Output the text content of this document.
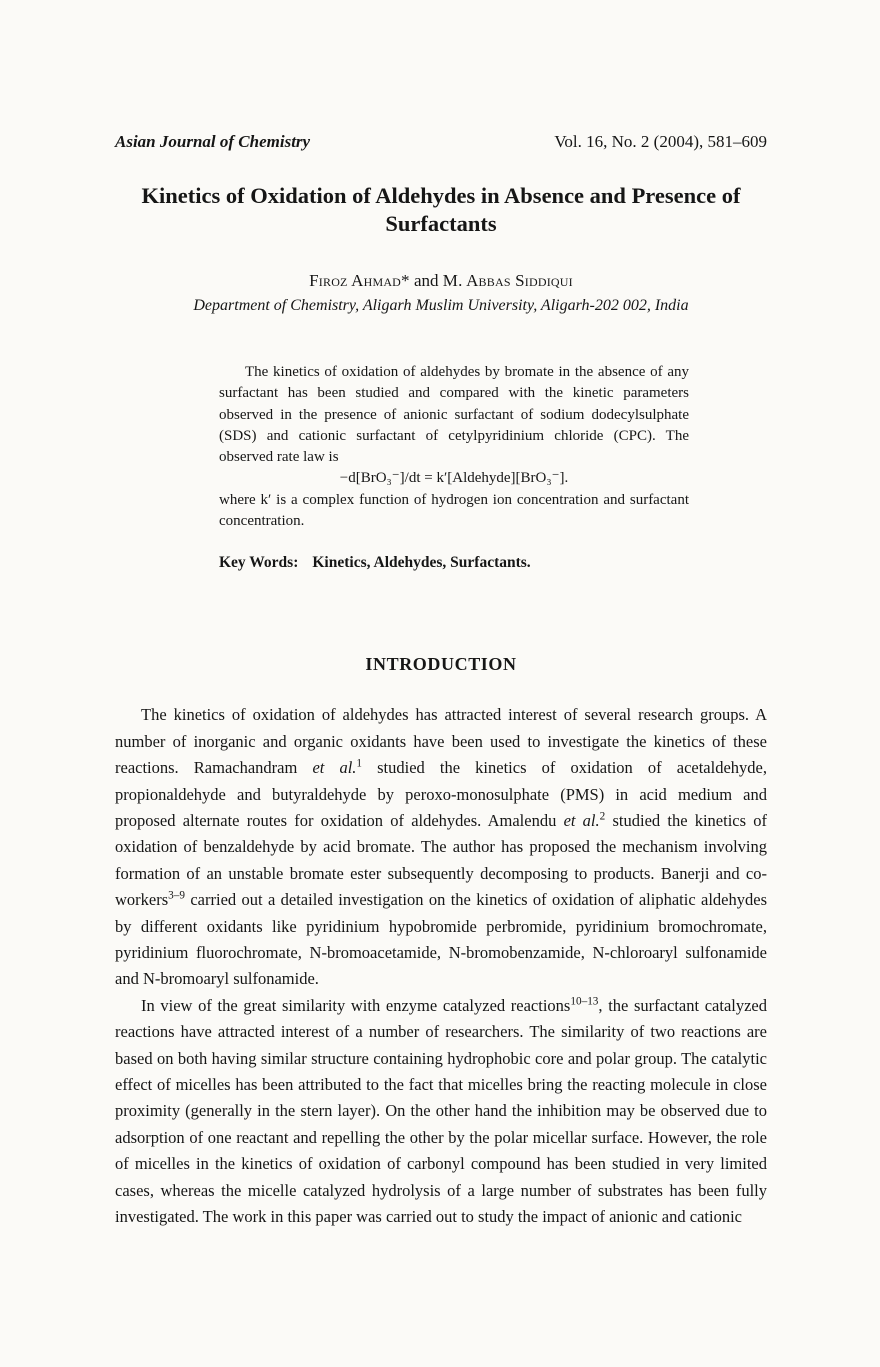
Asian Journal of Chemistry	Vol. 16, No. 2 (2004), 581–609
Kinetics of Oxidation of Aldehydes in Absence and Presence of Surfactants
Firoz Ahmad* and M. Abbas Siddiqui
Department of Chemistry, Aligarh Muslim University, Aligarh-202 002, India

The kinetics of oxidation of aldehydes by bromate in the absence of any surfactant has been studied and compared with the kinetic parameters observed in the presence of anionic surfactant of sodium dodecylsulphate (SDS) and cationic surfactant of cetylpyridinium chloride (CPC). The observed rate law is

−d[BrO₃⁻]/dt = k′[Aldehyde][BrO₃⁻].

where k′ is a complex function of hydrogen ion concentration and surfactant concentration.

Key Words: Kinetics, Aldehydes, Surfactants.
INTRODUCTION

The kinetics of oxidation of aldehydes has attracted interest of several research groups. A number of inorganic and organic oxidants have been used to investigate the kinetics of these reactions. Ramachandram et al.$^1$ studied the kinetics of oxidation of acetaldehyde, propionaldehyde and butyraldehyde by peroxo-monosulphate (PMS) in acid medium and proposed alternate routes for oxidation of aldehydes. Amalendu et al.$^2$ studied the kinetics of oxidation of benzaldehyde by acid bromate. The author has proposed the mechanism involving formation of an unstable bromate ester subsequently decomposing to products. Banerji and co-workers$^{3-9}$ carried out a detailed investigation on the kinetics of oxidation of aliphatic aldehydes by different oxidants like pyridinium hypobromide perbromide, pyridinium bromochromate, pyridinium fluorochromate, N-bromoacetamide, N-bromobenzamide, N-chloroaryl sulfonamide and N-bromoaryl sulfonamide.

In view of the great similarity with enzyme catalyzed reactions$^{10-13}$, the surfactant catalyzed reactions have attracted interest of a number of researchers. The similarity of two reactions are based on both having similar structure containing hydrophobic core and polar group. The catalytic effect of micelles has been attributed to the fact that micelles bring the reacting molecule in close proximity (generally in the stern layer). On the other hand the inhibition may be observed due to adsorption of one reactant and repelling the other by the polar micellar surface. However, the role of micelles in the kinetics of oxidation of carbonyl compound has been studied in very limited cases, whereas the micelle catalyzed hydrolysis of a large number of substrates has been fully investigated. The work in this paper was carried out to study the impact of anionic and cationic
